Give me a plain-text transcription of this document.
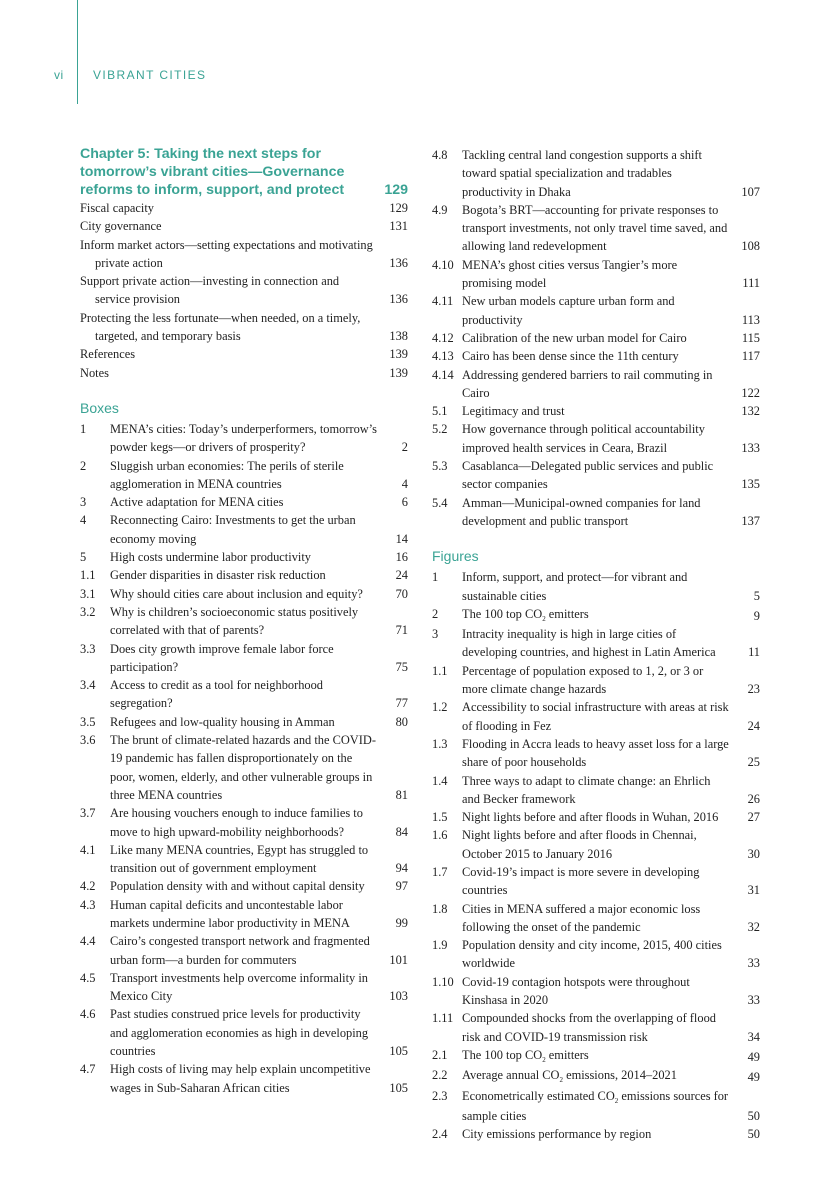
vi VIBRANT CITIES
Chapter 5: Taking the next steps for tomorrow’s vibrant cities—Governance reforms to inform, support, and protect	129
Fiscal capacity	129
City governance	131
Inform market actors—setting expectations and motivating private action	136
Support private action—investing in connection and service provision	136
Protecting the less fortunate—when needed, on a timely, targeted, and temporary basis	138
References	139
Notes	139
Boxes
1	MENA’s cities: Today’s underperformers, tomorrow’s powder kegs—or drivers of prosperity?	2
2	Sluggish urban economies: The perils of sterile agglomeration in MENA countries	4
3	Active adaptation for MENA cities	6
4	Reconnecting Cairo: Investments to get the urban economy moving	14
5	High costs undermine labor productivity	16
1.1	Gender disparities in disaster risk reduction	24
3.1	Why should cities care about inclusion and equity?	70
3.2	Why is children’s socioeconomic status positively correlated with that of parents?	71
3.3	Does city growth improve female labor force participation?	75
3.4	Access to credit as a tool for neighborhood segregation?	77
3.5	Refugees and low-quality housing in Amman	80
3.6	The brunt of climate-related hazards and the COVID-19 pandemic has fallen disproportionately on the poor, women, elderly, and other vulnerable groups in three MENA countries	81
3.7	Are housing vouchers enough to induce families to move to high upward-mobility neighborhoods?	84
4.1	Like many MENA countries, Egypt has struggled to transition out of government employment	94
4.2	Population density with and without capital density	97
4.3	Human capital deficits and uncontestable labor markets undermine labor productivity in MENA	99
4.4	Cairo’s congested transport network and fragmented urban form—a burden for commuters	101
4.5	Transport investments help overcome informality in Mexico City	103
4.6	Past studies construed price levels for productivity and agglomeration economies as high in developing countries	105
4.7	High costs of living may help explain uncompetitive wages in Sub-Saharan African cities	105
4.8	Tackling central land congestion supports a shift toward spatial specialization and tradables productivity in Dhaka	107
4.9	Bogota’s BRT—accounting for private responses to transport investments, not only travel time saved, and allowing land redevelopment	108
4.10 MENA’s ghost cities versus Tangier’s more promising model	111
4.11 New urban models capture urban form and productivity	113
4.12 Calibration of the new urban model for Cairo	115
4.13 Cairo has been dense since the 11th century	117
4.14 Addressing gendered barriers to rail commuting in Cairo	122
5.1	Legitimacy and trust	132
5.2	How governance through political accountability improved health services in Ceara, Brazil	133
5.3	Casablanca—Delegated public services and public sector companies	135
5.4	Amman—Municipal-owned companies for land development and public transport	137
Figures
1	Inform, support, and protect—for vibrant and sustainable cities	5
2	The 100 top $CO_2$ emitters	9
3	Intracity inequality is high in large cities of developing countries, and highest in Latin America	11
1.1	Percentage of population exposed to 1, 2, or 3 or more climate change hazards	23
1.2	Accessibility to social infrastructure with areas at risk of flooding in Fez	24
1.3	Flooding in Accra leads to heavy asset loss for a large share of poor households	25
1.4	Three ways to adapt to climate change: an Ehrlich and Becker framework	26
1.5	Night lights before and after floods in Wuhan, 2016	27
1.6	Night lights before and after floods in Chennai, October 2015 to January 2016	30
1.7	Covid-19’s impact is more severe in developing countries	31
1.8	Cities in MENA suffered a major economic loss following the onset of the pandemic	32
1.9	Population density and city income, 2015, 400 cities worldwide	33
1.10 Covid-19 contagion hotspots were throughout Kinshasa in 2020	33
1.11 Compounded shocks from the overlapping of flood risk and COVID-19 transmission risk	34
2.1	The 100 top $CO_2$ emitters	49
2.2	Average annual $CO_2$ emissions, 2014–2021	49
2.3	Econometrically estimated $CO_2$ emissions sources for sample cities	50
2.4	City emissions performance by region	50
